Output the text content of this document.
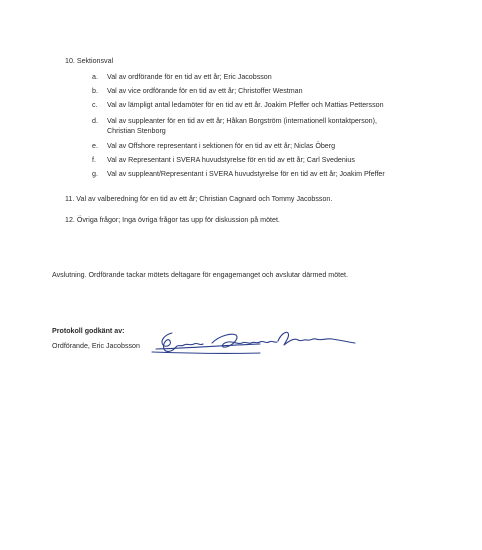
10. Sektionsval
a. Val av ordförande för en tid av ett år; Eric Jacobsson
b. Val av vice ordförande för en tid av ett år; Christoffer Westman
c. Val av lämpligt antal ledamöter för en tid av ett år. Joakim Pfeffer och Mattias Pettersson
d. Val av suppleanter för en tid av ett år; Håkan Borgström (internationell kontaktperson),
Christian Stenborg
e. Val av Offshore representant i sektionen för en tid av ett år; Niclas Öberg
f. Val av Representant i SVERA huvudstyrelse för en tid av ett år; Carl Svedenius
g. Val av suppleant/Representant i SVERA huvudstyrelse för en tid av ett år; Joakim Pfeffer
11. Val av valberedning för en tid av ett år; Christian Cagnard och Tommy Jacobsson.
12. Övriga frågor; Inga övriga frågor tas upp för diskussion på mötet.
Avslutning. Ordförande tackar mötets deltagare för engagemanget och avslutar därmed mötet.
Protokoll godkänt av:
Ordförande, Eric Jacobsson
